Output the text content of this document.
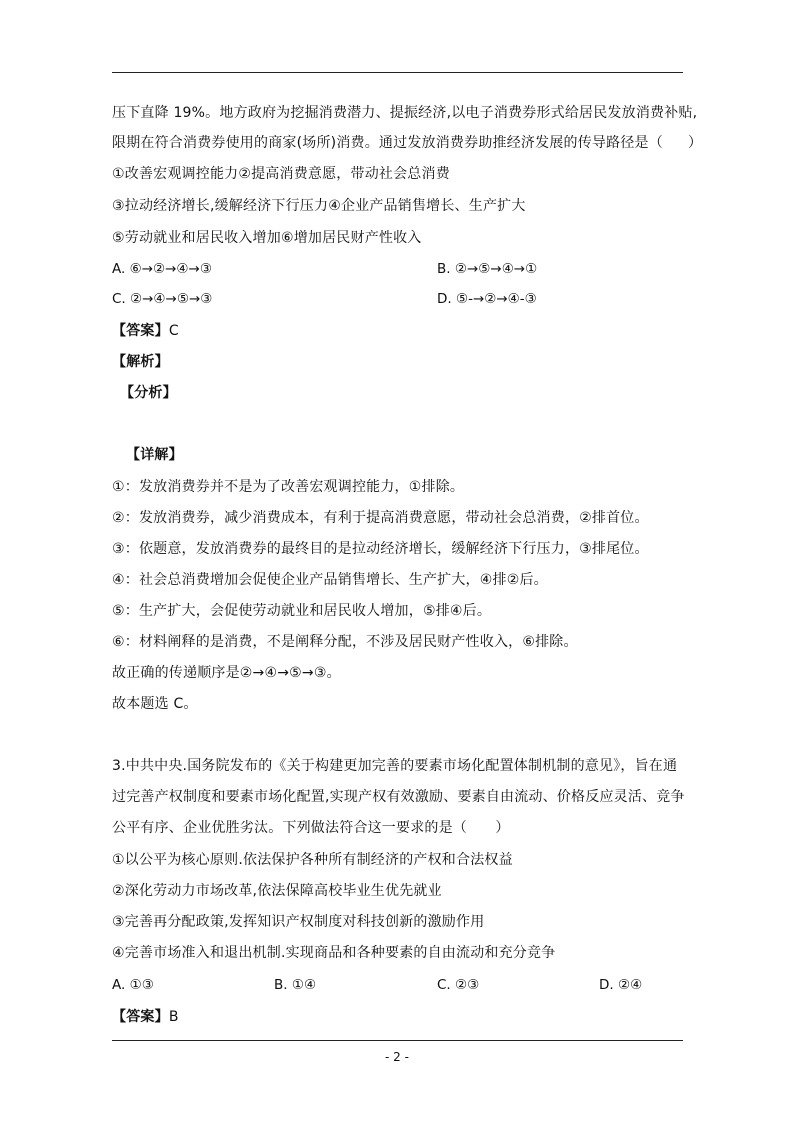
压下直降 19%。地方政府为挖掘消费潜力、提振经济,以电子消费券形式给居民发放消费补贴,
限期在符合消费券使用的商家(场所)消费。通过发放消费券助推经济发展的传导路径是（ ）
①改善宏观调控能力②提高消费意愿，带动社会总消费
③拉动经济增长,缓解经济下行压力④企业产品销售增长、生产扩大
⑤劳动就业和居民收入增加⑥增加居民财产性收入
A. ⑥→②→④→③	B. ②→⑤→④→①
C. ②→④→⑤→③	D. ⑤-→②→④-③
【答案】C
【解析】
【分析】
【详解】
①：发放消费券并不是为了改善宏观调控能力，①排除。
②：发放消费券，减少消费成本，有利于提高消费意愿，带动社会总消费，②排首位。
③：依题意，发放消费券的最终目的是拉动经济增长，缓解经济下行压力，③排尾位。
④：社会总消费增加会促使企业产品销售增长、生产扩大，④排②后。
⑤：生产扩大，会促使劳动就业和居民收人增加，⑤排④后。
⑥：材料阐释的是消费，不是阐释分配，不涉及居民财产性收入，⑥排除。
故正确的传递顺序是②→④→⑤→③。
故本题选 C。
3.中共中央.国务院发布的《关于构建更加完善的要素市场化配置体制机制的意见》，旨在通
过完善产权制度和要素市场化配置,实现产权有效激励、要素自由流动、价格反应灵活、竞争
公平有序、企业优胜劣汰。下列做法符合这一要求的是（　　）
①以公平为核心原则.依法保护各种所有制经济的产权和合法权益
②深化劳动力市场改革,依法保障高校毕业生优先就业
③完善再分配政策,发挥知识产权制度对科技创新的激励作用
④完善市场准入和退出机制.实现商品和各种要素的自由流动和充分竞争
A. ①③	B. ①④	C. ②③	D. ②④
【答案】B
- 2 -
